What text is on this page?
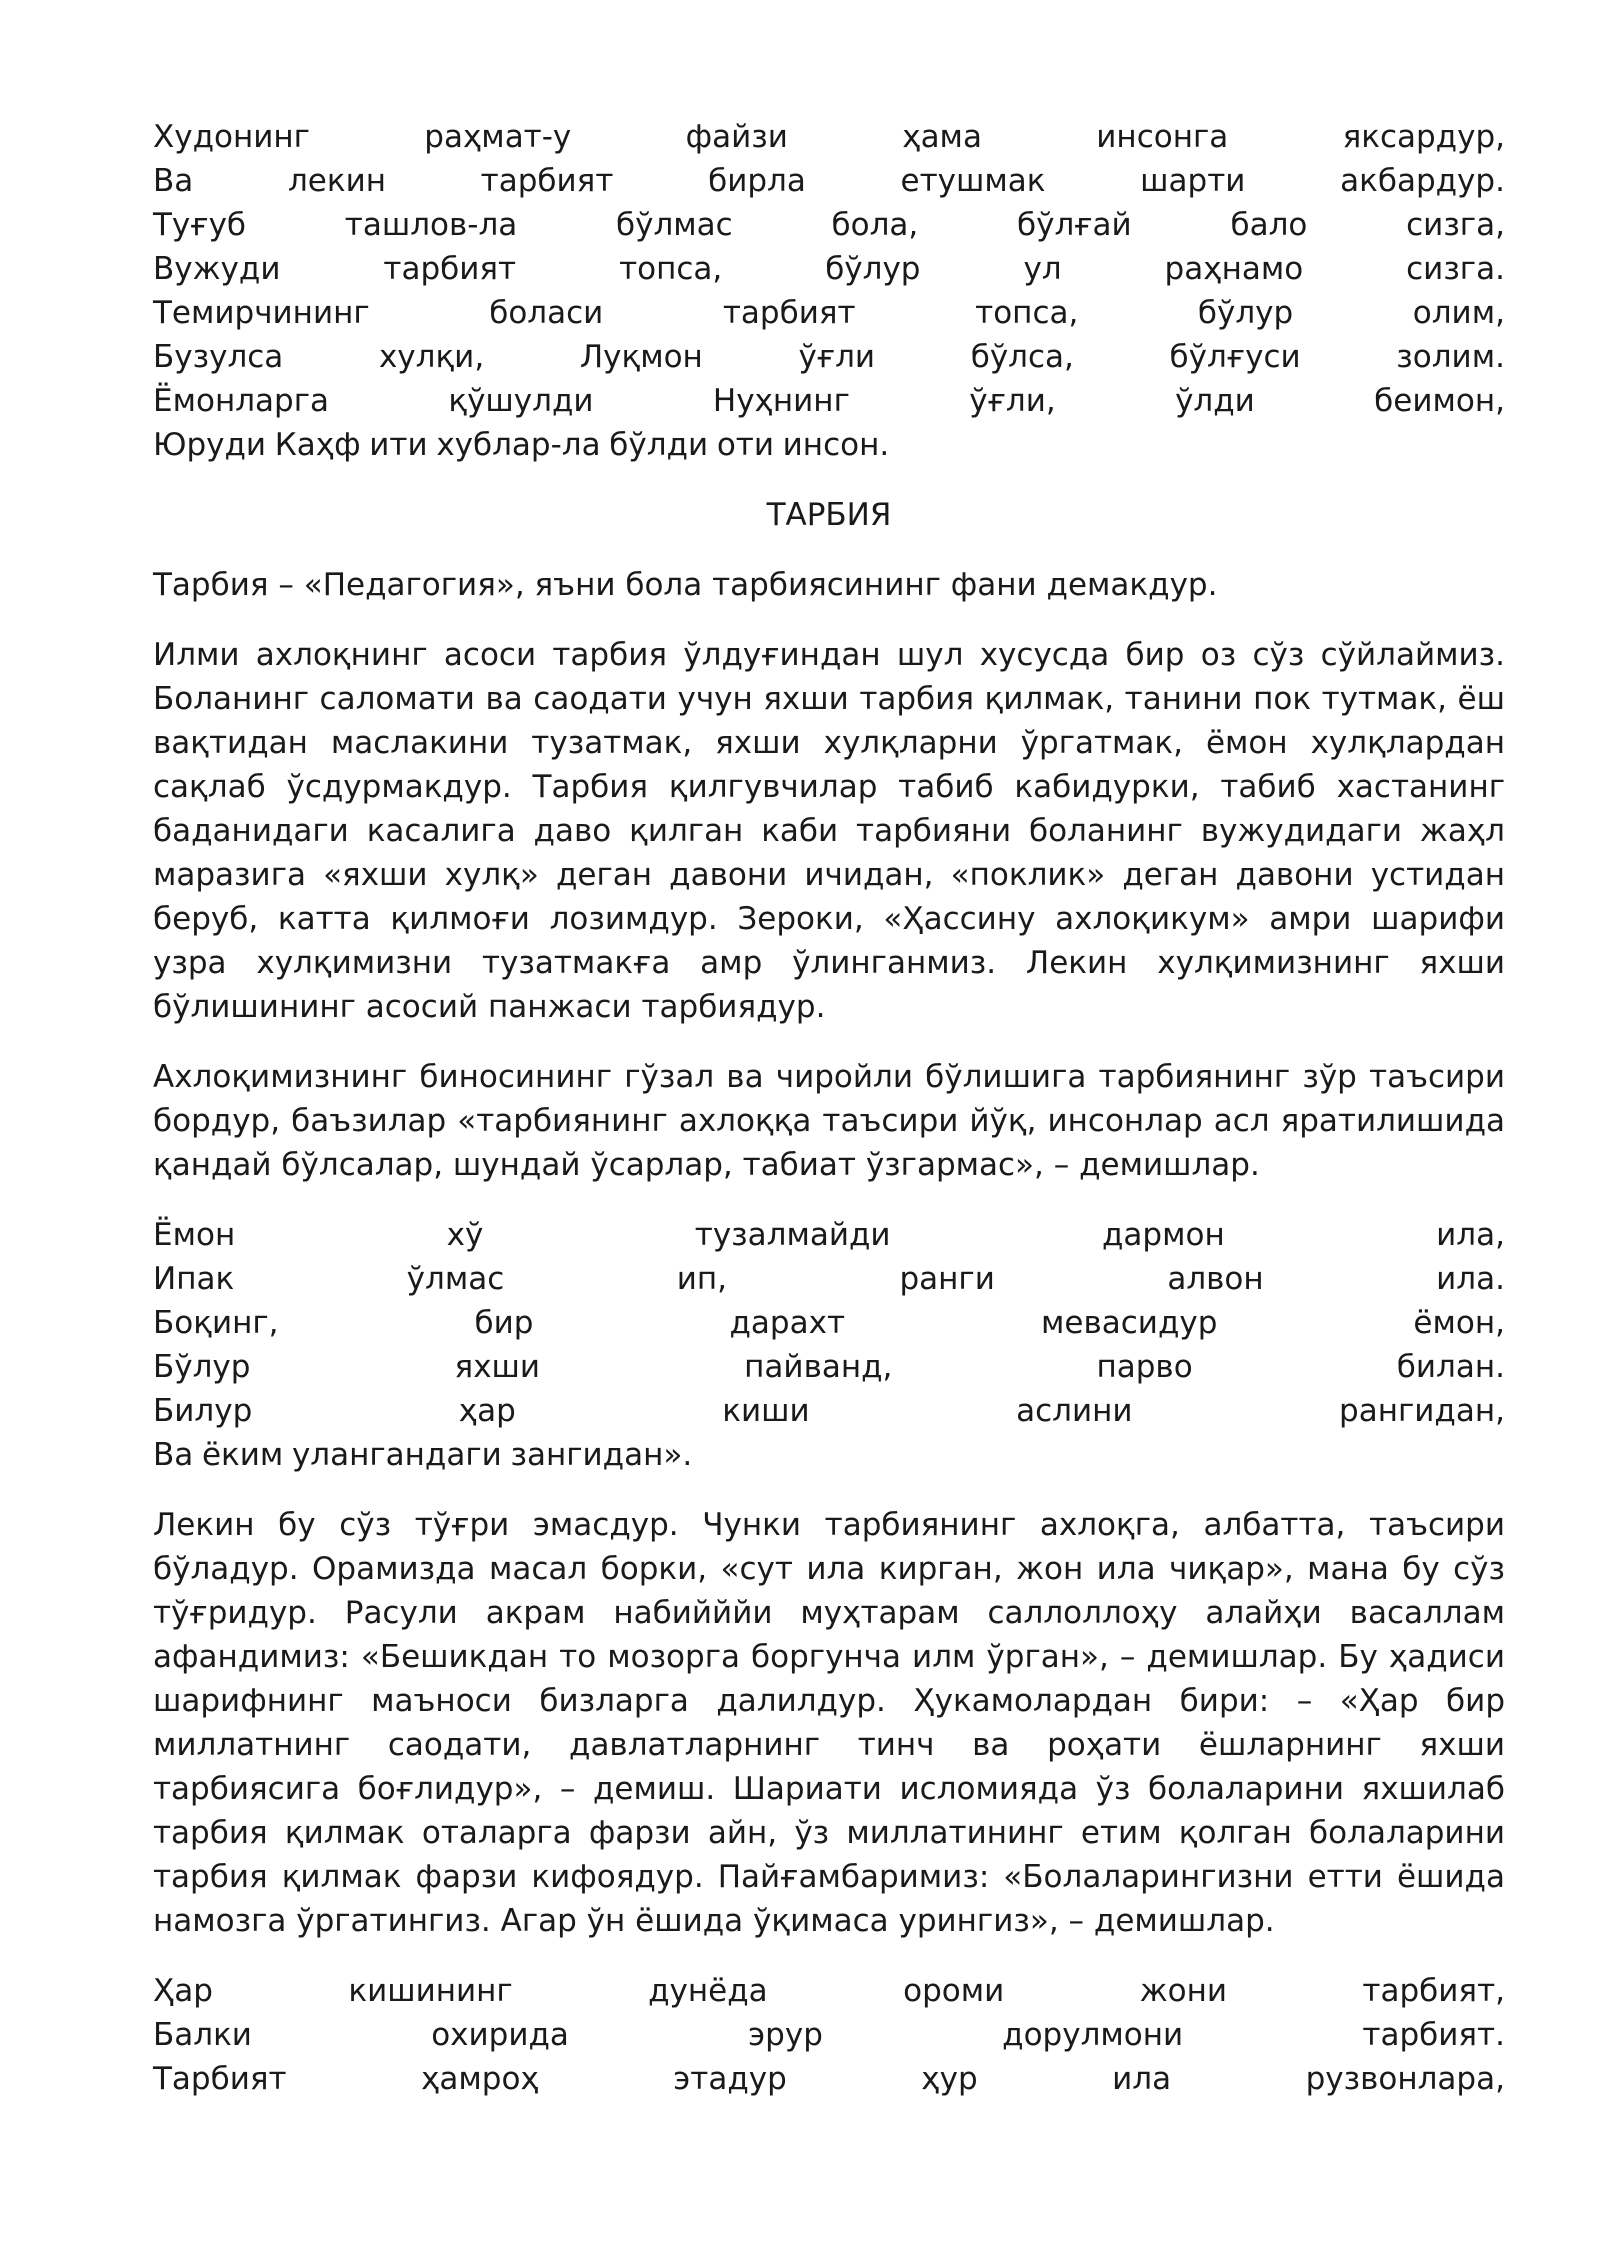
Худонинг	раҳмат-у	файзи	ҳама	инсонга	яксардур,
Ва	лекин	тарбият	бирла	етушмак	шарти	акбардур.
Туғуб	ташлов-ла	бўлмас	бола,	бўлғай	бало	сизга,
Вужуди	тарбият	топса,	бўлур	ул	раҳнамо	сизга.
Темирчининг	боласи	тарбият	топса,	бўлур	олим,
Бузулса	хулқи,	Луқмон	ўғли	бўлса,	бўлғуси	золим.
Ёмонларга	қўшулди	Нуҳнинг	ўғли,	ўлди	беимон,
Юруди Каҳф ити хублар-ла бўлди оти инсон.
ТАРБИЯ

Тарбия – «Педагогия», яъни бола тарбиясининг фани демакдур.

Илми ахлоқнинг асоси тарбия ўлдуғиндан шул хусусда бир оз сўз сўйлаймиз. Боланинг саломати ва саодати учун яхши тарбия қилмак, танини пок тутмак, ёш вақтидан маслакини тузатмак, яхши хулқларни ўргатмак, ёмон хулқлардан сақлаб ўсдурмакдур. Тарбия қилгувчилар табиб кабидурки, табиб хастанинг баданидаги касалига даво қилган каби тарбияни боланинг вужудидаги жаҳл маразига «яхши хулқ» деган давони ичидан, «поклик» деган давони устидан беруб, катта қилмоғи лозимдур. Зероки, «Ҳассину ахлоқикум» амри шарифи узра хулқимизни тузатмакға амр ўлинганмиз. Лекин хулқимизнинг яхши бўлишининг асосий панжаси тарбиядур.

Ахлоқимизнинг биносининг гўзал ва чиройли бўлишига тарбиянинг зўр таъсири бордур, баъзилар «тарбиянинг ахлоққа таъсири йўқ, инсонлар асл яратилишида қандай бўлсалар, шундай ўсарлар, табиат ўзгармас», – демишлар.

Ёмон	хў	тузалмайди	дармон	ила,
Ипак	ўлмас	ип,	ранги	алвон	ила.
Боқинг,	бир	дарахт	мевасидур	ёмон,
Бўлур	яхши	пайванд,	парво	билан.
Билур	ҳар	киши	аслини	рангидан,
Ва ёким улангандаги зангидан».

Лекин бу сўз тўғри эмасдур. Чунки тарбиянинг ахлоқга, албатта, таъсири бўладур. Орамизда масал борки, «сут ила кирган, жон ила чиқар», мана бу сўз тўғридур. Расули акрам набийййи муҳтарам саллоллоҳу алайҳи васаллам афандимиз: «Бешикдан то мозорга боргунча илм ўрган», – демишлар. Бу ҳадиси шарифнинг маъноси бизларга далилдур. Ҳукамолардан бири: – «Ҳар бир миллатнинг саодати, давлатларнинг тинч ва роҳати ёшларнинг яхши тарбиясига боғлидур», – демиш. Шариати исломияда ўз болаларини яхшилаб тарбия қилмак оталарга фарзи айн, ўз миллатининг етим қолган болаларини тарбия қилмак фарзи кифоядур. Пайғамбаримиз: «Болаларингизни етти ёшида намозга ўргатингиз. Агар ўн ёшида ўқимаса урингиз», – демишлар.

Ҳар	кишининг	дунёда	ороми	жони	тарбият,
Балки	охирида	эрур	дорулмони	тарбият.
Тарбият	ҳамроҳ	этадур	ҳур	ила	рузвонлара,
